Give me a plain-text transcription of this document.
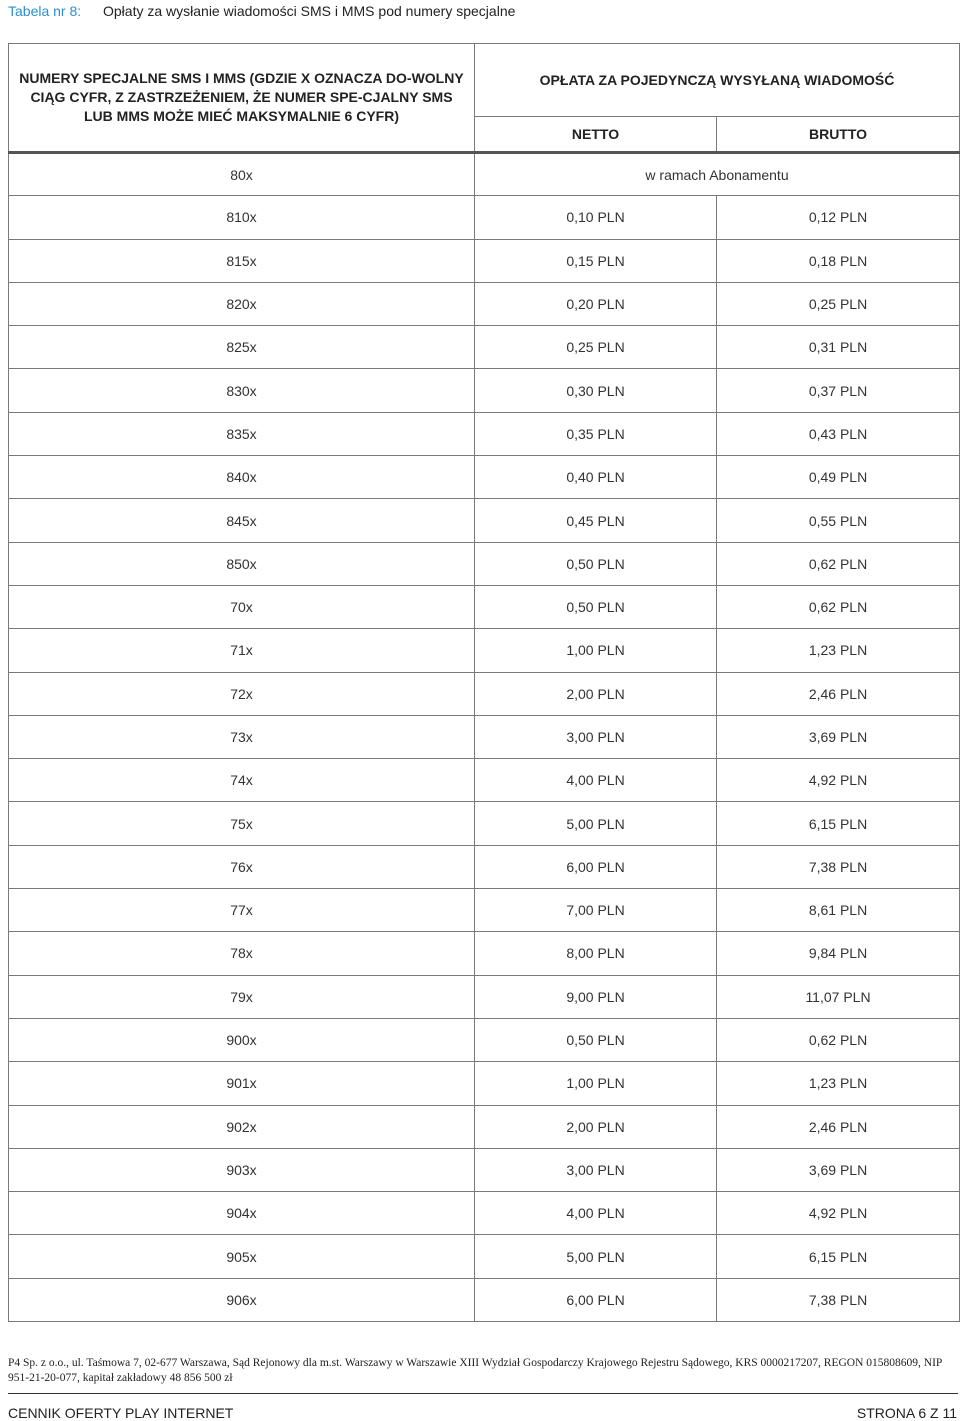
Tabela nr 8:	Opłaty za wysłanie wiadomości SMS i MMS pod numery specjalne
NUMERY SPECJALNE SMS I MMS (GDZIE X OZNACZA DO-WOLNY CIĄG CYFR, Z ZASTRZEŻENIEM, ŻE NUMER SPE-CJALNY SMS LUB MMS MOŻE MIEĆ MAKSYMALNIE 6 CYFR)	OPŁATA ZA POJEDYNCZĄ WYSYŁANĄ WIADOMOŚĆ	
	NETTO	BRUTTO
80x	w ramach Abonamentu	
810x	0,10 PLN	0,12 PLN
815x	0,15 PLN	0,18 PLN
820x	0,20 PLN	0,25 PLN
825x	0,25 PLN	0,31 PLN
830x	0,30 PLN	0,37 PLN
835x	0,35 PLN	0,43 PLN
840x	0,40 PLN	0,49 PLN
845x	0,45 PLN	0,55 PLN
850x	0,50 PLN	0,62 PLN
70x	0,50 PLN	0,62 PLN
71x	1,00 PLN	1,23 PLN
72x	2,00 PLN	2,46 PLN
73x	3,00 PLN	3,69 PLN
74x	4,00 PLN	4,92 PLN
75x	5,00 PLN	6,15 PLN
76x	6,00 PLN	7,38 PLN
77x	7,00 PLN	8,61 PLN
78x	8,00 PLN	9,84 PLN
79x	9,00 PLN	11,07 PLN
900x	0,50 PLN	0,62 PLN
901x	1,00 PLN	1,23 PLN
902x	2,00 PLN	2,46 PLN
903x	3,00 PLN	3,69 PLN
904x	4,00 PLN	4,92 PLN
905x	5,00 PLN	6,15 PLN
906x	6,00 PLN	7,38 PLN
P4 Sp. z o.o., ul. Taśmowa 7, 02-677 Warszawa, Sąd Rejonowy dla m.st. Warszawy w Warszawie XIII Wydział Gospodarczy Krajowego Rejestru Sądowego, KRS 0000217207, REGON 015808609, NIP 951-21-20-077, kapitał zakładowy 48 856 500 zł
CENNIK OFERTY PLAY INTERNET	STRONA 6 Z 11
